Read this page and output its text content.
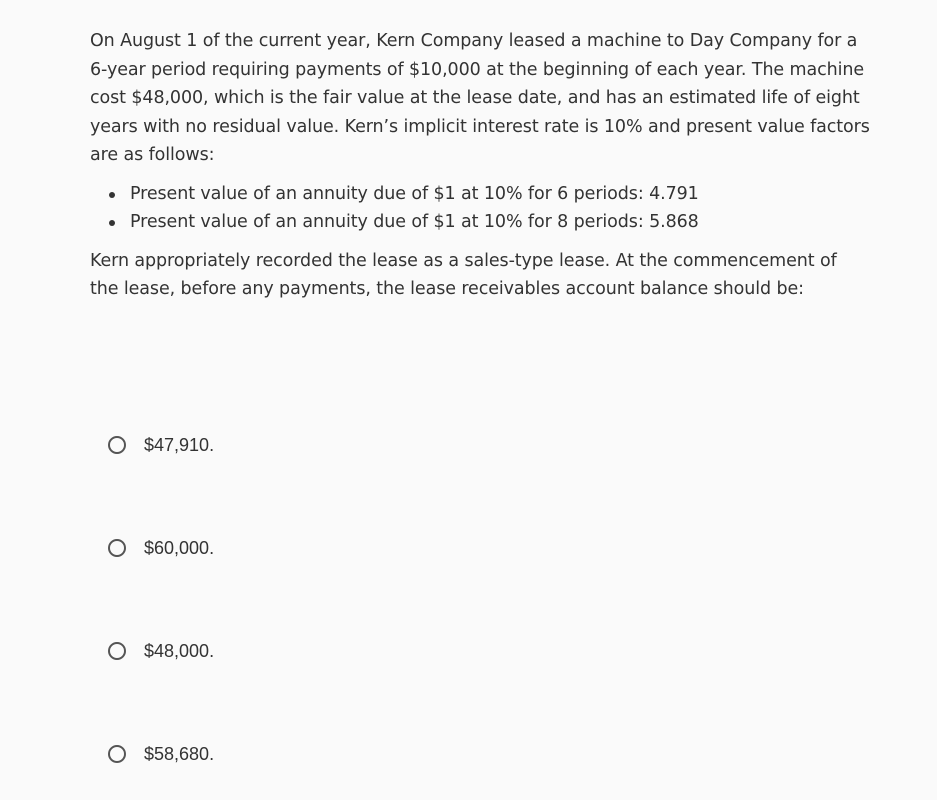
On August 1 of the current year, Kern Company leased a machine to Day Company for a 6-year period requiring payments of $10,000 at the beginning of each year. The machine cost $48,000, which is the fair value at the lease date, and has an estimated life of eight years with no residual value. Kern’s implicit interest rate is 10% and present value factors are as follows:

Present value of an annuity due of $1 at 10% for 6 periods: 4.791
Present value of an annuity due of $1 at 10% for 8 periods: 5.868

Kern appropriately recorded the lease as a sales-type lease. At the commencement of the lease, before any payments, the lease receivables account balance should be:

$47,910.
$60,000.
$48,000.
$58,680.
